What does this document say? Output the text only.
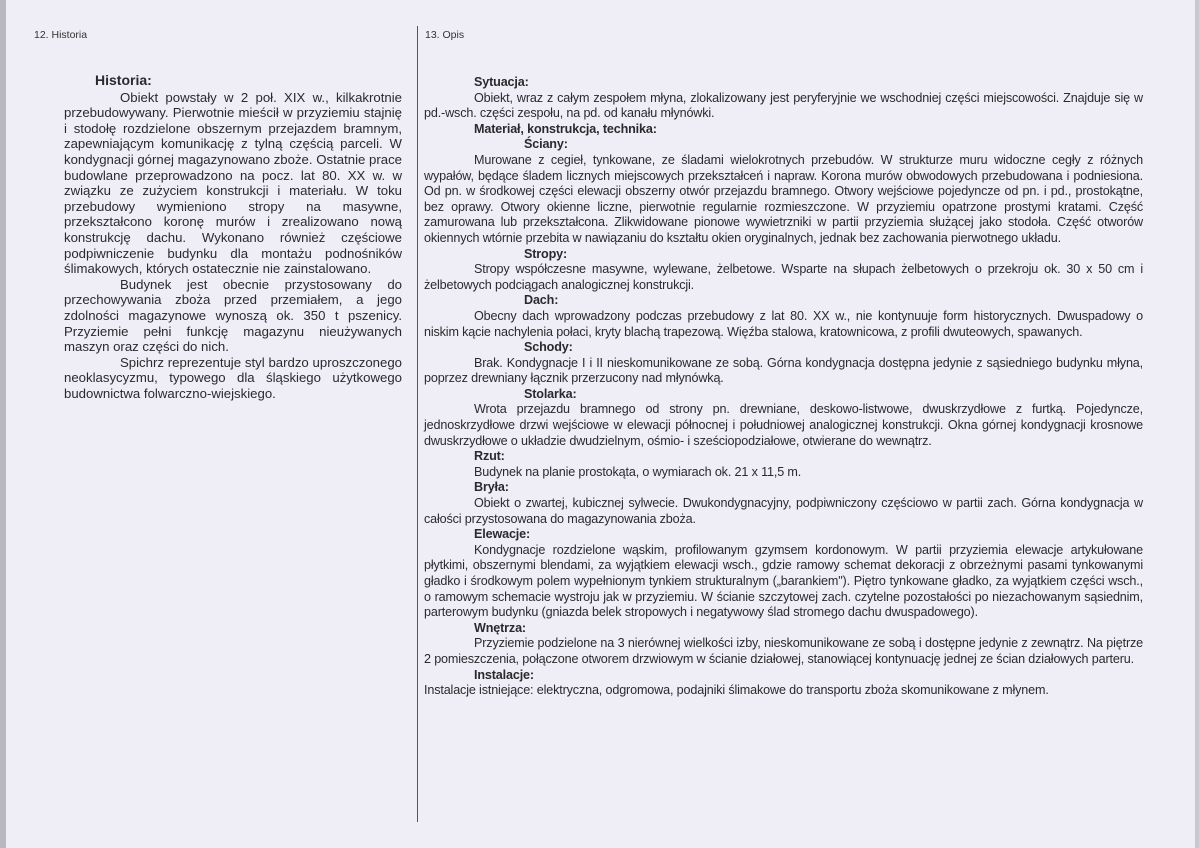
12. Historia	13. Opis
Historia:

Obiekt powstały w 2 poł. XIX w., kilkakrotnie przebudowywany. Pierwotnie mieścił w przyziemiu stajnię i stodołę rozdzielone obszernym przejazdem bramnym, zapewniającym komunikację z tylną częścią parceli. W kondygnacji górnej magazynowano zboże. Ostatnie prace budowlane przeprowadzono na pocz. lat 80. XX w. w związku ze zużyciem konstrukcji i materiału. W toku przebudowy wymieniono stropy na masywne, przekształcono koronę murów i zrealizowano nową konstrukcję dachu. Wykonano również częściowe podpiwniczenie budynku dla montażu podnośników ślimakowych, których ostatecznie nie zainstalowano.

Budynek jest obecnie przystosowany do przechowywania zboża przed przemiałem, a jego zdolności magazynowe wynoszą ok. 350 t pszenicy. Przyziemie pełni funkcję magazynu nieużywanych maszyn oraz części do nich.

Spichrz reprezentuje styl bardzo uproszczonego neoklasycyzmu, typowego dla śląskiego użytkowego budownictwa folwarczno-wiejskiego.

Sytuacja:

Obiekt, wraz z całym zespołem młyna, zlokalizowany jest peryferyjnie we wschodniej części miejscowości. Znajduje się w pd.-wsch. części zespołu, na pd. od kanału młynówki.

Materiał, konstrukcja, technika:
Ściany:

Murowane z cegieł, tynkowane, ze śladami wielokrotnych przebudów. W strukturze muru widoczne cegły z różnych wypałów, będące śladem licznych miejscowych przekształceń i napraw. Korona murów obwodowych przebudowana i podniesiona. Od pn. w środkowej części elewacji obszerny otwór przejazdu bramnego. Otwory wejściowe pojedyncze od pn. i pd., prostokątne, bez oprawy. Otwory okienne liczne, pierwotnie regularnie rozmieszczone. W przyziemiu opatrzone prostymi kratami. Część zamurowana lub przekształcona. Zlikwidowane pionowe wywietrzniki w partii przyziemia służącej jako stodoła. Część otworów okiennych wtórnie przebita w nawiązaniu do kształtu okien oryginalnych, jednak bez zachowania pierwotnego układu.

Stropy:

Stropy współczesne masywne, wylewane, żelbetowe. Wsparte na słupach żelbetowych o przekroju ok. 30 x 50 cm i żelbetowych podciągach analogicznej konstrukcji.

Dach:

Obecny dach wprowadzony podczas przebudowy z lat 80. XX w., nie kontynuuje form historycznych. Dwuspadowy o niskim kącie nachylenia połaci, kryty blachą trapezową. Więźba stalowa, kratownicowa, z profili dwuteowych, spawanych.

Schody:

Brak. Kondygnacje I i II nieskomunikowane ze sobą. Górna kondygnacja dostępna jedynie z sąsiedniego budynku młyna, poprzez drewniany łącznik przerzucony nad młynówką.

Stolarka:

Wrota przejazdu bramnego od strony pn. drewniane, deskowo-listwowe, dwuskrzydłowe z furtką. Pojedyncze, jednoskrzydłowe drzwi wejściowe w elewacji północnej i południowej analogicznej konstrukcji. Okna górnej kondygnacji krosnowe dwuskrzydłowe o układzie dwudzielnym, ośmio- i sześciopodziałowe, otwierane do wewnątrz.

Rzut:

Budynek na planie prostokąta, o wymiarach ok. 21 x 11,5 m.

Bryła:

Obiekt o zwartej, kubicznej sylwecie. Dwukondygnacyjny, podpiwniczony częściowo w partii zach. Górna kondygnacja w całości przystosowana do magazynowania zboża.

Elewacje:

Kondygnacje rozdzielone wąskim, profilowanym gzymsem kordonowym. W partii przyziemia elewacje artykułowane płytkimi, obszernymi blendami, za wyjątkiem elewacji wsch., gdzie ramowy schemat dekoracji z obrzeżnymi pasami tynkowanymi gładko i środkowym polem wypełnionym tynkiem strukturalnym („barankiem"). Piętro tynkowane gładko, za wyjątkiem części wsch., o ramowym schemacie wystroju jak w przyziemiu. W ścianie szczytowej zach. czytelne pozostałości po niezachowanym sąsiednim, parterowym budynku (gniazda belek stropowych i negatywowy ślad stromego dachu dwuspadowego).

Wnętrza:

Przyziemie podzielone na 3 nierównej wielkości izby, nieskomunikowane ze sobą i dostępne jedynie z zewnątrz. Na piętrze 2 pomieszczenia, połączone otworem drzwiowym w ścianie działowej, stanowiącej kontynuację jednej ze ścian działowych parteru.

Instalacje:

Instalacje istniejące: elektryczna, odgromowa, podajniki ślimakowe do transportu zboża skomunikowane z młynem.
